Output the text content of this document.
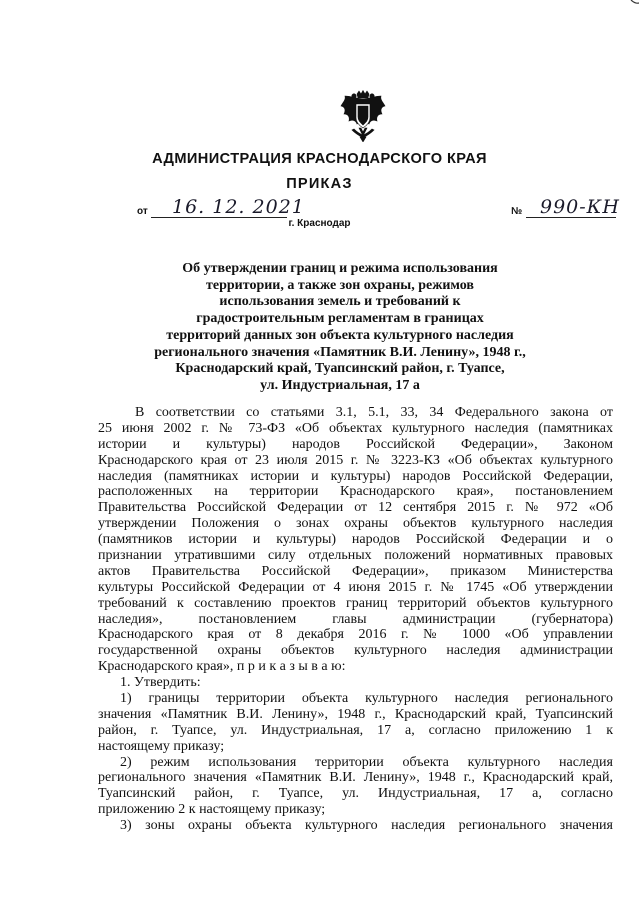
АДМИНИСТРАЦИЯ КРАСНОДАРСКОГО КРАЯ
ПРИКАЗ
от 16. 12. 2021	№ 990-КН
г. Краснодар
Об утверждении границ и режима использования
территории, а также зон охраны, режимов
использования земель и требований к
градостроительным регламентам в границах
территорий данных зон объекта культурного наследия
регионального значения «Памятник В.И. Ленину», 1948 г.,
Краснодарский край, Туапсинский район, г. Туапсе,
ул. Индустриальная, 17 а
В соответствии со статьями 3.1, 5.1, 33, 34 Федерального закона от
25 июня 2002 г. № 73-ФЗ «Об объектах культурного наследия (памятниках
истории и культуры) народов Российской Федерации», Законом
Краснодарского края от 23 июля 2015 г. № 3223-КЗ «Об объектах культурного
наследия (памятниках истории и культуры) народов Российской Федерации,
расположенных на территории Краснодарского края», постановлением
Правительства Российской Федерации от 12 сентября 2015 г. № 972 «Об
утверждении Положения о зонах охраны объектов культурного наследия
(памятников истории и культуры) народов Российской Федерации и о
признании утратившими силу отдельных положений нормативных правовых
актов Правительства Российской Федерации», приказом Министерства
культуры Российской Федерации от 4 июня 2015 г. № 1745 «Об утверждении
требований к составлению проектов границ территорий объектов культурного
наследия», постановлением главы администрации (губернатора)
Краснодарского края от 8 декабря 2016 г. № 1000 «Об управлении
государственной охраны объектов культурного наследия администрации
Краснодарского края», п р и к а з ы в а ю:
1. Утвердить:
1) границы территории объекта культурного наследия регионального
значения «Памятник В.И. Ленину», 1948 г., Краснодарский край, Туапсинский
район, г. Туапсе, ул. Индустриальная, 17 а, согласно приложению 1 к
настоящему приказу;
2) режим использования территории объекта культурного наследия
регионального значения «Памятник В.И. Ленину», 1948 г., Краснодарский край,
Туапсинский район, г. Туапсе, ул. Индустриальная, 17 а, согласно
приложению 2 к настоящему приказу;
3) зоны охраны объекта культурного наследия регионального значения
